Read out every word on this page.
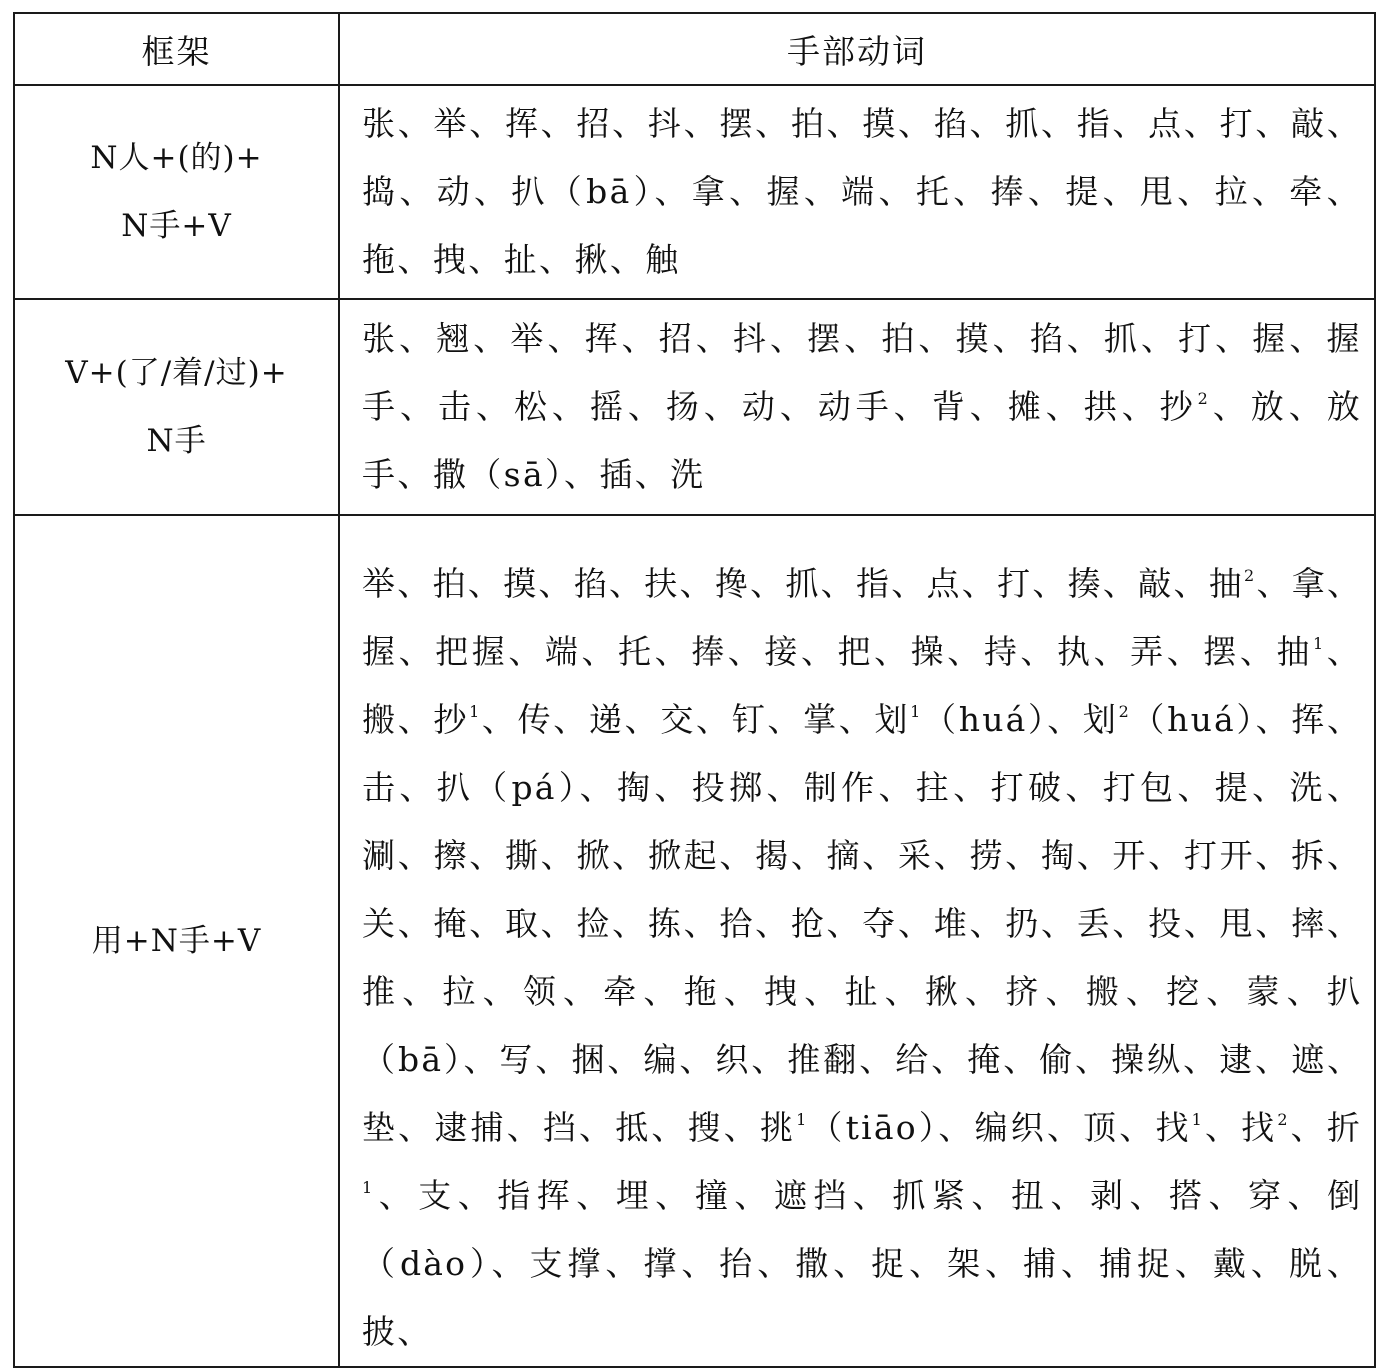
框架	手部动词

N人+(的)+
N手+V	张、举、挥、招、抖、摆、拍、摸、掐、抓、指、点、打、敲、捣、动、扒（bā）、拿、握、端、托、捧、提、甩、拉、牵、拖、拽、扯、揪、触

V+(了/着/过)+
N手	张、翘、举、挥、招、抖、摆、拍、摸、掐、抓、打、握、握手、击、松、摇、扬、动、动手、背、摊、拱、抄$^2$、放、放手、撒（sā）、插、洗

用+N手+V	举、拍、摸、掐、扶、搀、抓、指、点、打、揍、敲、抽$^2$、拿、握、把握、端、托、捧、接、把、操、持、执、弄、摆、抽$^1$、搬、抄$^1$、传、递、交、钉、掌、划$^1$（huá）、划$^2$（huá）、挥、击、扒（pá）、掏、投掷、制作、拄、打破、打包、提、洗、涮、擦、撕、掀、掀起、揭、摘、采、捞、掏、开、打开、拆、关、掩、取、捡、拣、拾、抢、夺、堆、扔、丢、投、甩、摔、推、拉、领、牵、拖、拽、扯、揪、挤、搬、挖、蒙、扒（bā）、写、捆、编、织、推翻、给、掩、偷、操纵、逮、遮、垫、逮捕、挡、抵、搜、挑$^1$（tiāo）、编织、顶、找$^1$、找$^2$、折$^1$、支、指挥、埋、撞、遮挡、抓紧、扭、剥、搭、穿、倒（dào）、支撑、撑、抬、撒、捉、架、捕、捕捉、戴、脱、披、
